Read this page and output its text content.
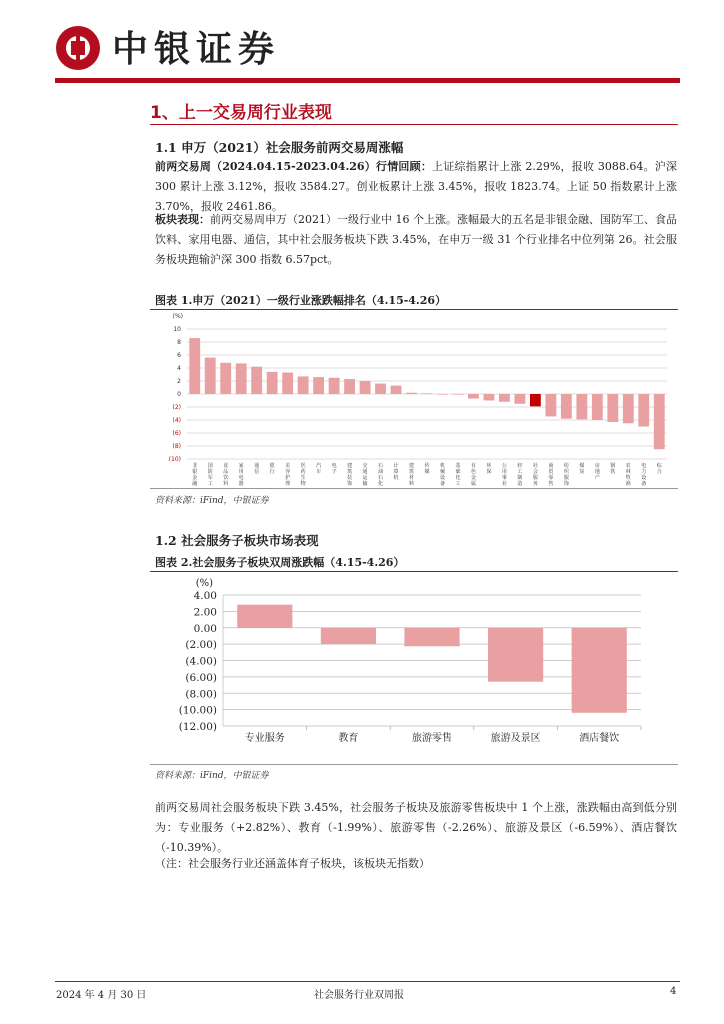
中银证券
1、上一交易周行业表现
1.1 申万（2021）社会服务前两交易周涨幅
前两交易周（2024.04.15-2023.04.26）行情回顾：上证综指累计上涨 2.29%，报收 3088.64。沪深 300 累计上涨 3.12%，报收 3584.27。创业板累计上涨 3.45%，报收 1823.74。上证 50 指数累计上涨 3.70%，报收 2461.86。
板块表现：前两交易周申万（2021）一级行业中 16 个上涨。涨幅最大的五名是非银金融、国防军工、食品饮料、家用电器、通信，其中社会服务板块下跌 3.45%，在申万一级 31 个行业排名中位列第 26。社会服务板块跑输沪深 300 指数 6.57pct。
图表 1.申万（2021）一级行业涨跌幅排名（4.15-4.26）
(%)
10
8
6
4
2
0
(2)
(4)
(6)
(8)
(10)
非银金融
国防军工
食品饮料
家用电器
通信
银行
美容护理
医药生物
汽车
电子
建筑装饰
交通运输
石油石化
计算机
建筑材料
传媒
机械设备
基础化工
有色金属
环保
公用事业
轻工制造
社会服务
商贸零售
纺织服饰
煤炭
房地产
钢铁
农林牧渔
电力设备
综合
资料来源：iFind，中银证券
1.2 社会服务子板块市场表现
图表 2.社会服务子板块双周涨跌幅（4.15-4.26）
(%)
4.00
2.00
0.00
(2.00)
(4.00)
(6.00)
(8.00)
(10.00)
(12.00)
专业服务	教育	旅游零售	旅游及景区	酒店餐饮
资料来源：iFind，中银证券
前两交易周社会服务板块下跌 3.45%，社会服务子板块及旅游零售板块中 1 个上涨，涨跌幅由高到低分别为：专业服务（+2.82%）、教育（-1.99%）、旅游零售（-2.26%）、旅游及景区（-6.59%）、酒店餐饮（-10.39%）。
（注：社会服务行业还涵盖体育子板块，该板块无指数）
2024 年 4 月 30 日	社会服务行业双周报	4
